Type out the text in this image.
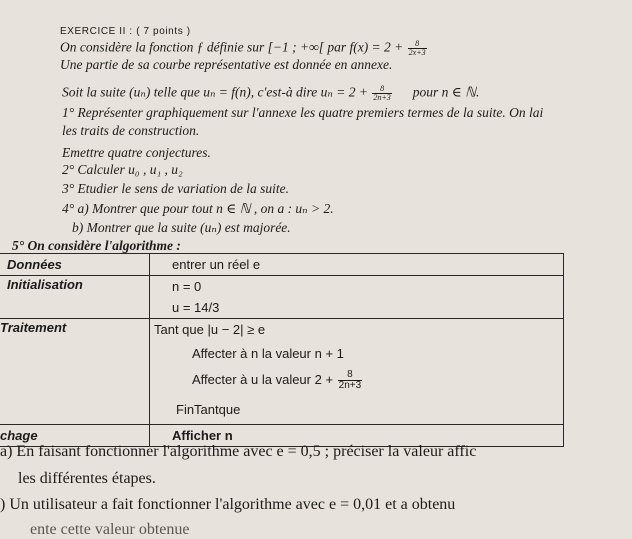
EXERCICE II : ( 7 points )
On considère la fonction ƒ définie sur [−1 ; +∞[ par $f(x) = 2 + \frac{8}{2x+3}$
Une partie de sa courbe représentative est donnée en annexe.
Soit la suite (uₙ) telle que uₙ = f(n), c'est-à dire $u_n = 2 + \frac{8}{2n+3}$ pour n ∈ ℕ.
1° Représenter graphiquement sur l'annexe les quatre premiers termes de la suite. On lai
les traits de construction.
Emettre quatre conjectures.
2° Calculer u₀ , u₁ , u₂
3° Etudier le sens de variation de la suite.
4° a) Montrer que pour tout n ∈ ℕ , on a : uₙ > 2.
b) Montrer que la suite (uₙ) est majorée.
5° On considère l'algorithme :
Données	entrer un réel e
Initialisation	n = 0
	u = 14/3
Traitement	Tant que |u − 2| ≥ e
	Affecter à n la valeur n + 1
	Affecter à u la valeur $2 + \frac{8}{2n+3}$

	FinTantque
chage	Afficher n
a) En faisant fonctionner l'algorithme avec e = 0,5 ; préciser la valeur affic
les différentes étapes.
) Un utilisateur a fait fonctionner l'algorithme avec e = 0,01 et a obtenu
ente cette valeur obtenue
